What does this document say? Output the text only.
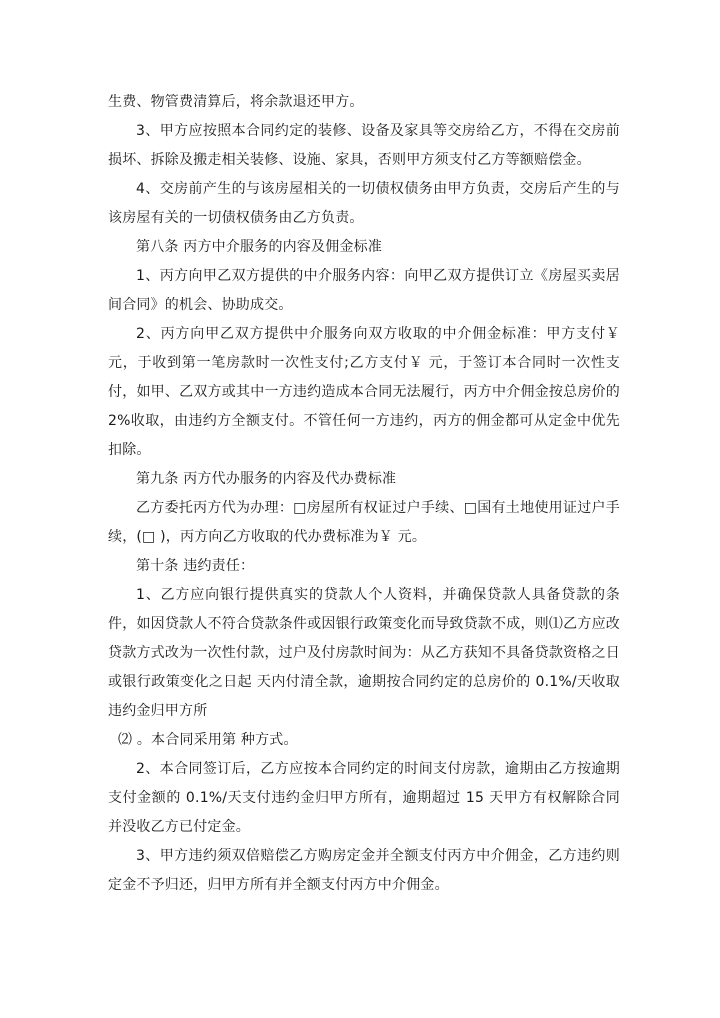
生费、物管费清算后，将余款退还甲方。

3、甲方应按照本合同约定的装修、设备及家具等交房给乙方，不得在交房前损坏、拆除及搬走相关装修、设施、家具，否则甲方须支付乙方等额赔偿金。

4、交房前产生的与该房屋相关的一切债权债务由甲方负责，交房后产生的与该房屋有关的一切债权债务由乙方负责。

第八条 丙方中介服务的内容及佣金标准

1、丙方向甲乙双方提供的中介服务内容：向甲乙双方提供订立《房屋买卖居间合同》的机会、协助成交。

2、丙方向甲乙双方提供中介服务向双方收取的中介佣金标准：甲方支付￥ 元，于收到第一笔房款时一次性支付;乙方支付￥ 元，于签订本合同时一次性支付，如甲、乙双方或其中一方违约造成本合同无法履行，丙方中介佣金按总房价的 2%收取，由违约方全额支付。不管任何一方违约，丙方的佣金都可从定金中优先扣除。

第九条 丙方代办服务的内容及代办费标准

乙方委托丙方代为办理：□房屋所有权证过户手续、□国有土地使用证过户手续，(□ )，丙方向乙方收取的代办费标准为￥ 元。

第十条 违约责任：

1、乙方应向银行提供真实的贷款人个人资料，并确保贷款人具备贷款的条件，如因贷款人不符合贷款条件或因银行政策变化而导致贷款不成，则⑴乙方应改贷款方式改为一次性付款，过户及付房款时间为：从乙方获知不具备贷款资格之日或银行政策变化之日起 天内付清全款，逾期按合同约定的总房价的 0.1%/天收取违约金归甲方所

⑵ 。本合同采用第 种方式。

2、本合同签订后，乙方应按本合同约定的时间支付房款，逾期由乙方按逾期支付金额的 0.1%/天支付违约金归甲方所有，逾期超过 15 天甲方有权解除合同并没收乙方已付定金。

3、甲方违约须双倍赔偿乙方购房定金并全额支付丙方中介佣金，乙方违约则定金不予归还，归甲方所有并全额支付丙方中介佣金。
